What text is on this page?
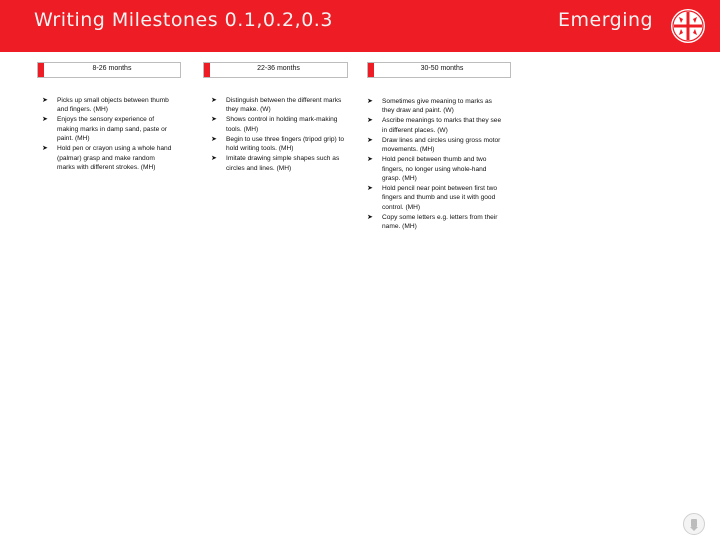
Writing Milestones 0.1,0.2,0.3	Emerging
8-26 months
➤ Picks up small objects between thumb and fingers. (MH)
➤ Enjoys the sensory experience of making marks in damp sand, paste or paint. (MH)
➤ Hold pen or crayon using a whole hand (palmar) grasp and make random marks with different strokes. (MH)
22-36 months
➤ Distinguish between the different marks they make. (W)
➤ Shows control in holding mark-making tools. (MH)
➤ Begin to use three fingers (tripod grip) to hold writing tools. (MH)
➤ Imitate drawing simple shapes such as circles and lines. (MH)
30-50 months
➤ Sometimes give meaning to marks as they draw and paint. (W)
➤ Ascribe meanings to marks that they see in different places. (W)
➤ Draw lines and circles using gross motor movements. (MH)
➤ Hold pencil between thumb and two fingers, no longer using whole-hand grasp. (MH)
➤ Hold pencil near point between first two fingers and thumb and use it with good control. (MH)
➤ Copy some letters e.g. letters from their name. (MH)
